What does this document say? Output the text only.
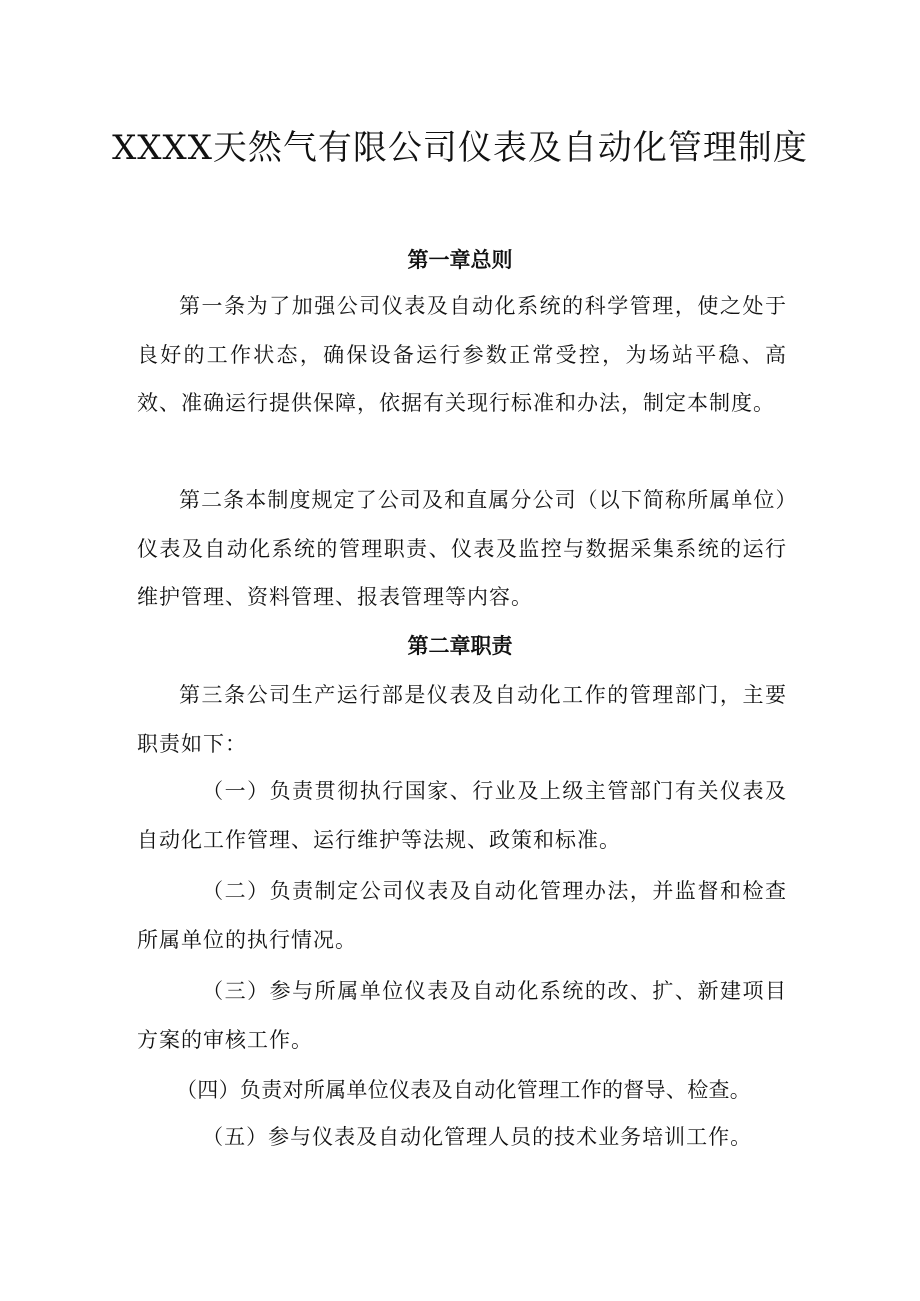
XXXX天然气有限公司仪表及自动化管理制度
第一章总则

第一条为了加强公司仪表及自动化系统的科学管理，使之处于良好的工作状态，确保设备运行参数正常受控，为场站平稳、高效、准确运行提供保障，依据有关现行标准和办法，制定本制度。

第二条本制度规定了公司及和直属分公司（以下简称所属单位）仪表及自动化系统的管理职责、仪表及监控与数据采集系统的运行维护管理、资料管理、报表管理等内容。

第二章职责

第三条公司生产运行部是仪表及自动化工作的管理部门，主要职责如下：

（一）负责贯彻执行国家、行业及上级主管部门有关仪表及自动化工作管理、运行维护等法规、政策和标准。

（二）负责制定公司仪表及自动化管理办法，并监督和检查所属单位的执行情况。

（三）参与所属单位仪表及自动化系统的改、扩、新建项目方案的审核工作。

（四）负责对所属单位仪表及自动化管理工作的督导、检查。

（五）参与仪表及自动化管理人员的技术业务培训工作。
